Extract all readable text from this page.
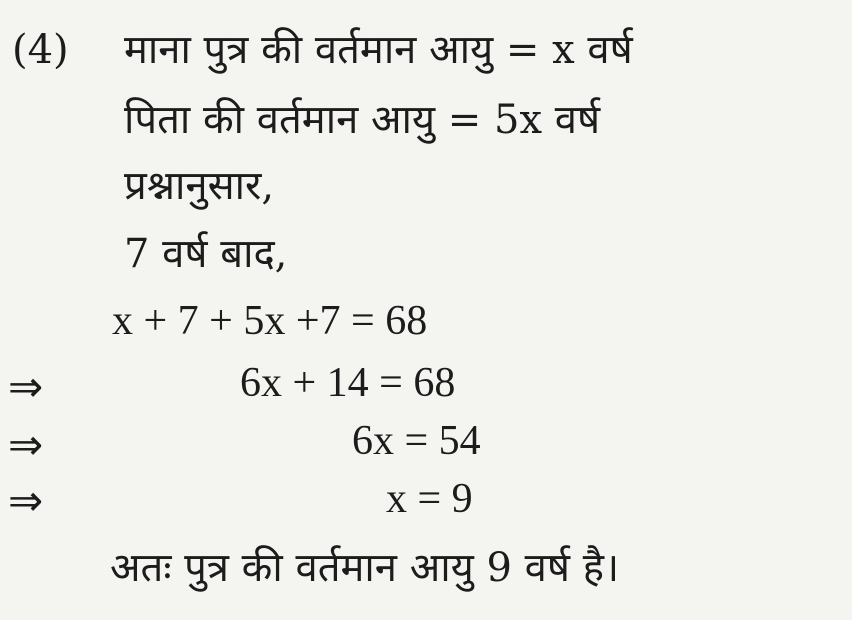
(4) माना पुत्र की वर्तमान आयु = x वर्ष
पिता की वर्तमान आयु = 5x वर्ष
प्रश्नानुसार,
7 वर्ष बाद,
x + 7 + 5x +7 = 68
⇒	6x + 14 = 68
⇒	6x = 54
⇒	x = 9
अतः पुत्र की वर्तमान आयु 9 वर्ष है।
